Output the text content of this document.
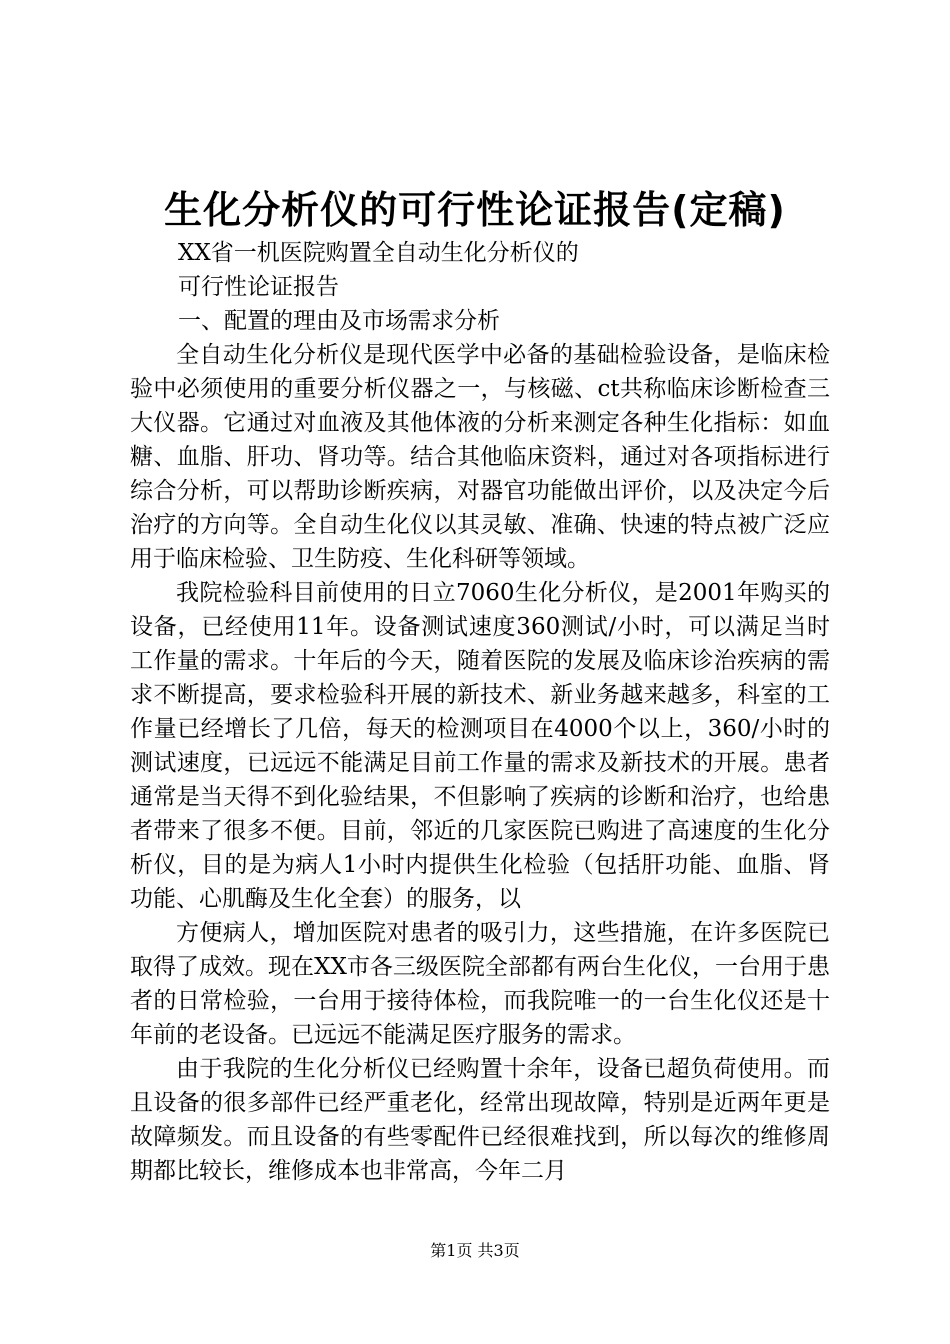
生化分析仪的可行性论证报告(定稿)

XX省一机医院购置全自动生化分析仪的

可行性论证报告

一、配置的理由及市场需求分析

全自动生化分析仪是现代医学中必备的基础检验设备，是临床检验中必须使用的重要分析仪器之一，与核磁、ct共称临床诊断检查三大仪器。它通过对血液及其他体液的分析来测定各种生化指标：如血糖、血脂、肝功、肾功等。结合其他临床资料，通过对各项指标进行综合分析，可以帮助诊断疾病，对器官功能做出评价，以及决定今后治疗的方向等。全自动生化仪以其灵敏、准确、快速的特点被广泛应用于临床检验、卫生防疫、生化科研等领域。

我院检验科目前使用的日立7060生化分析仪，是2001年购买的设备，已经使用11年。设备测试速度360测试/小时，可以满足当时工作量的需求。十年后的今天，随着医院的发展及临床诊治疾病的需求不断提高，要求检验科开展的新技术、新业务越来越多，科室的工作量已经增长了几倍，每天的检测项目在4000个以上，360/小时的测试速度，已远远不能满足目前工作量的需求及新技术的开展。患者通常是当天得不到化验结果，不但影响了疾病的诊断和治疗，也给患者带来了很多不便。目前，邻近的几家医院已购进了高速度的生化分析仪，目的是为病人1小时内提供生化检验（包括肝功能、血脂、肾功能、心肌酶及生化全套）的服务，以

方便病人，增加医院对患者的吸引力，这些措施，在许多医院已取得了成效。现在XX市各三级医院全部都有两台生化仪，一台用于患者的日常检验，一台用于接待体检，而我院唯一的一台生化仪还是十年前的老设备。已远远不能满足医疗服务的需求。

由于我院的生化分析仪已经购置十余年，设备已超负荷使用。而且设备的很多部件已经严重老化，经常出现故障，特别是近两年更是故障频发。而且设备的有些零配件已经很难找到，所以每次的维修周期都比较长，维修成本也非常高，今年二月

第1页 共3页
